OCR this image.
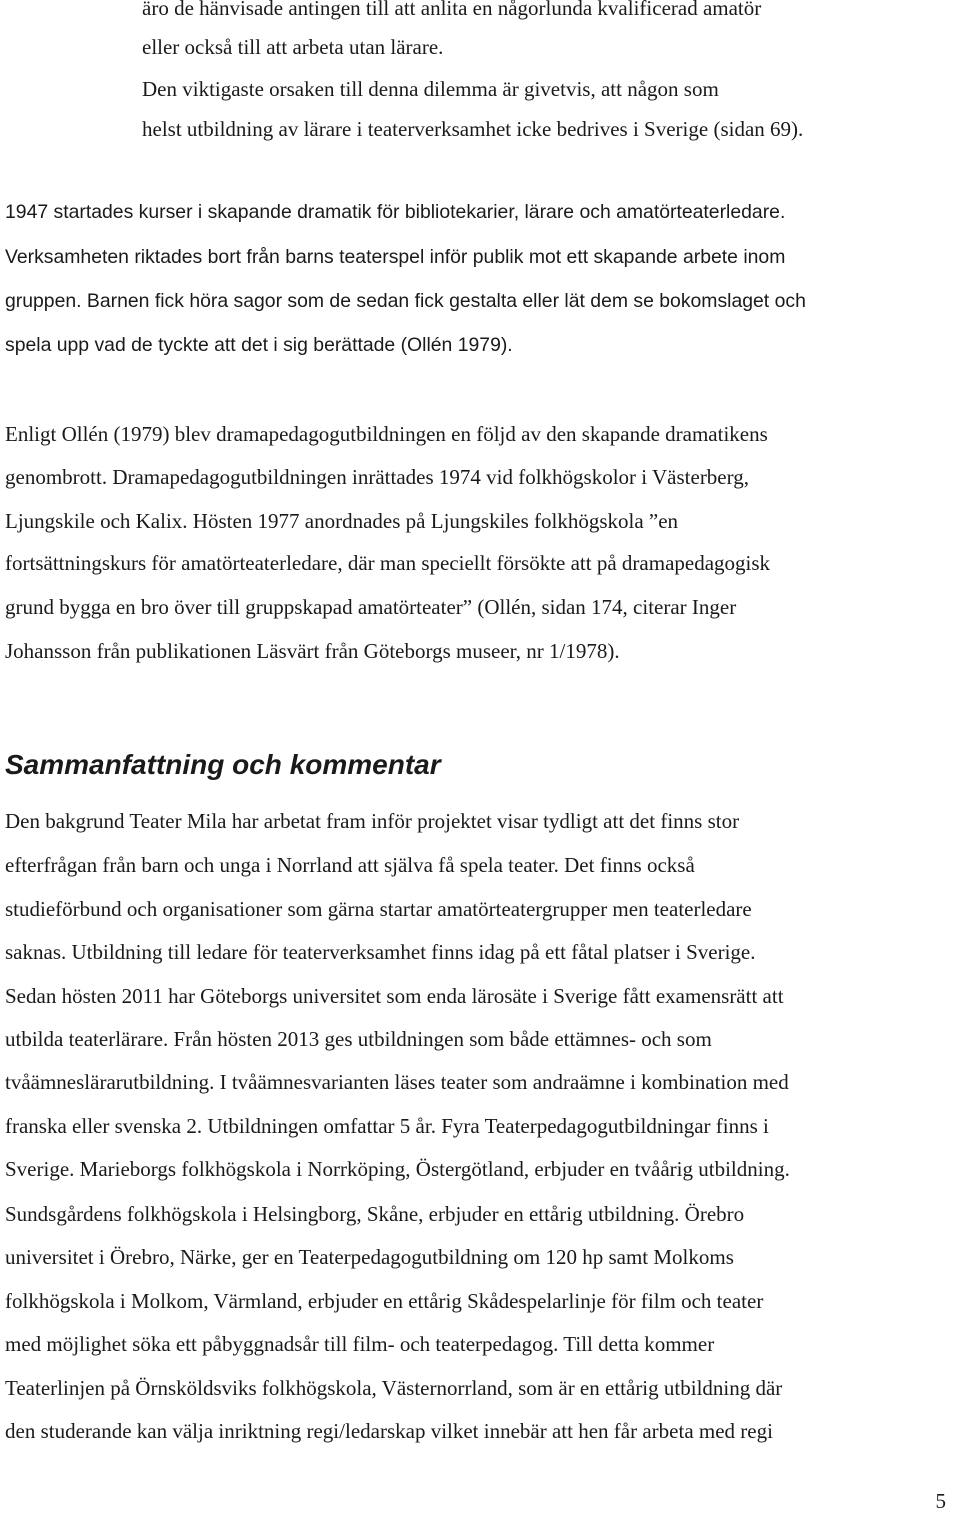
äro de hänvisade antingen till att anlita en någorlunda kvalificerad amatör
eller också till att arbeta utan lärare.
Den viktigaste orsaken till denna dilemma är givetvis, att någon som
helst utbildning av lärare i teaterverksamhet icke bedrives i Sverige (sidan 69).
1947 startades kurser i skapande dramatik för bibliotekarier, lärare och amatörteaterledare.
Verksamheten riktades bort från barns teaterspel inför publik mot ett skapande arbete inom
gruppen. Barnen fick höra sagor som de sedan fick gestalta eller lät dem se bokomslaget och
spela upp vad de tyckte att det i sig berättade (Ollén 1979).
Enligt Ollén (1979) blev dramapedagogutbildningen en följd av den skapande dramatikens
genombrott. Dramapedagogutbildningen inrättades 1974 vid folkhögskolor i Västerberg,
Ljungskile och Kalix. Hösten 1977 anordnades på Ljungskiles folkhögskola ”en
fortsättningskurs för amatörteaterledare, där man speciellt försökte att på dramapedagogisk
grund bygga en bro över till gruppskapad amatörteater” (Ollén, sidan 174, citerar Inger
Johansson från publikationen Läsvärt från Göteborgs museer, nr 1/1978).
Sammanfattning och kommentar
Den bakgrund Teater Mila har arbetat fram inför projektet visar tydligt att det finns stor
efterfrågan från barn och unga i Norrland att själva få spela teater. Det finns också
studieförbund och organisationer som gärna startar amatörteatergrupper men teaterledare
saknas. Utbildning till ledare för teaterverksamhet finns idag på ett fåtal platser i Sverige.
Sedan hösten 2011 har Göteborgs universitet som enda lärosäte i Sverige fått examensrätt att
utbilda teaterlärare. Från hösten 2013 ges utbildningen som både ettämnes- och som
tvåämneslärarutbildning. I tvåämnesvarianten läses teater som andraämne i kombination med
franska eller svenska 2. Utbildningen omfattar 5 år. Fyra Teaterpedagogutbildningar finns i
Sverige. Marieborgs folkhögskola i Norrköping, Östergötland, erbjuder en tvåårig utbildning.
Sundsgårdens folkhögskola i Helsingborg, Skåne, erbjuder en ettårig utbildning. Örebro
universitet i Örebro, Närke, ger en Teaterpedagogutbildning om 120 hp samt Molkoms
folkhögskola i Molkom, Värmland, erbjuder en ettårig Skådespelarlinje för film och teater
med möjlighet söka ett påbyggnadsår till film- och teaterpedagog. Till detta kommer
Teaterlinjen på Örnsköldsviks folkhögskola, Västernorrland, som är en ettårig utbildning där
den studerande kan välja inriktning regi/ledarskap vilket innebär att hen får arbeta med regi
5
